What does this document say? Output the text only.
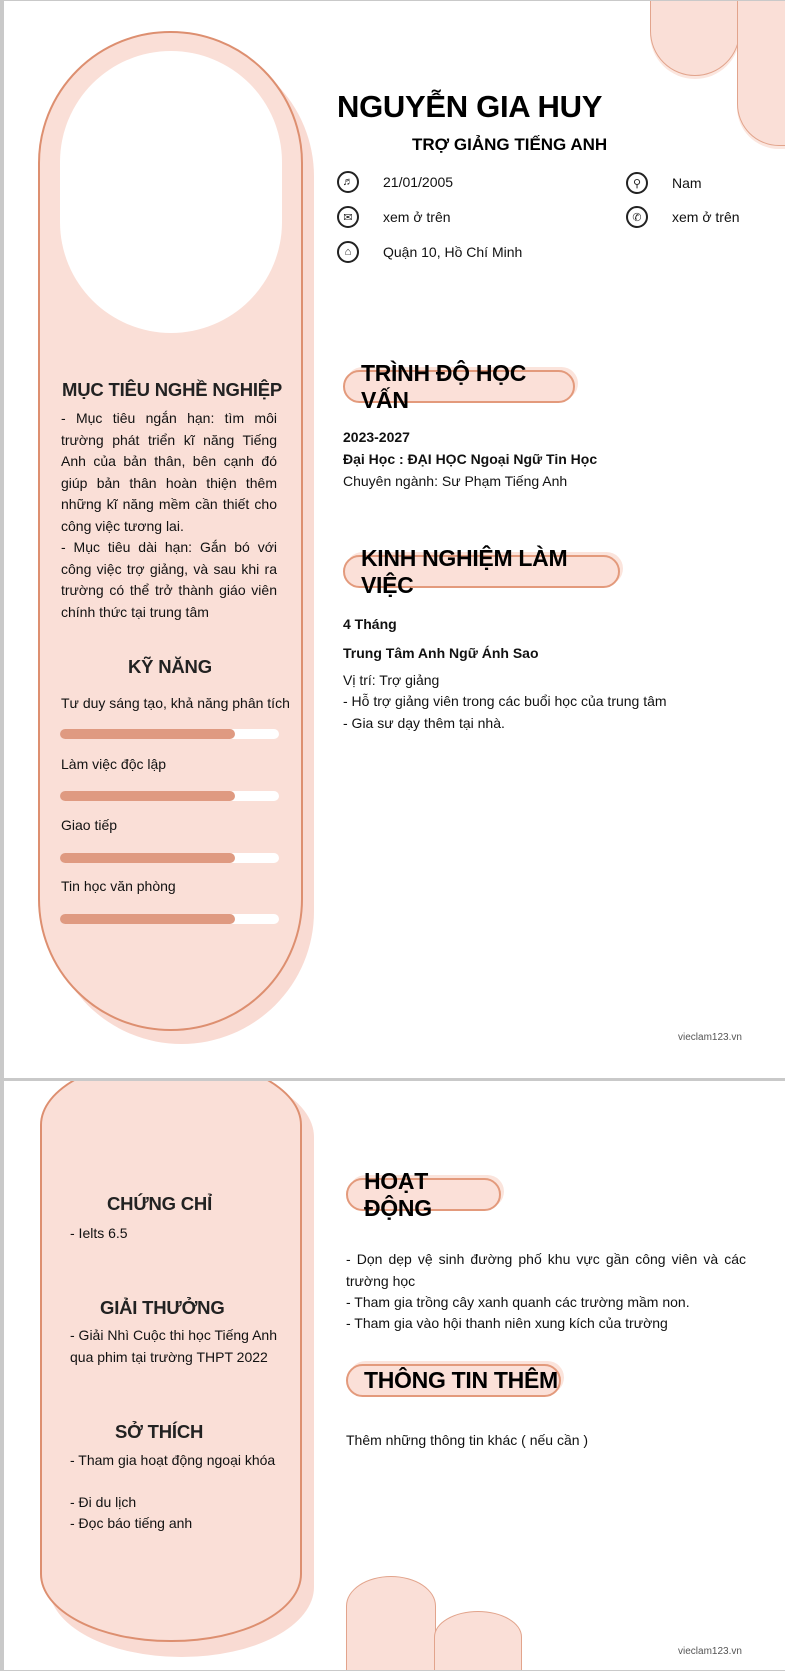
NGUYỄN GIA HUY
TRỢ GIẢNG TIẾNG ANH
♬	21/01/2005	⚲	Nam
✉	xem ở trên	✆	xem ở trên
⌂	Quận 10, Hồ Chí Minh
MỤC TIÊU NGHỀ NGHIỆP
- Mục tiêu ngắn hạn: tìm môi trường phát triển kĩ năng Tiếng Anh của bản thân, bên cạnh đó giúp bản thân hoàn thiện thêm những kĩ năng mềm cần thiết cho công việc tương lai.
- Mục tiêu dài hạn: Gắn bó với công việc trợ giảng, và sau khi ra trường có thể trở thành giáo viên chính thức tại trung tâm
KỸ NĂNG
Tư duy sáng tạo, khả năng phân tích
Làm việc độc lập
Giao tiếp
Tin học văn phòng
TRÌNH ĐỘ HỌC VẤN
2023-2027
Đại Học : ĐẠI HỌC Ngoại Ngữ Tin Học
Chuyên ngành: Sư Phạm Tiếng Anh
KINH NGHIỆM LÀM VIỆC
4 Tháng
Trung Tâm Anh Ngữ Ánh Sao
Vị trí: Trợ giảng
- Hỗ trợ giảng viên trong các buổi học của trung tâm
- Gia sư dạy thêm tại nhà.
vieclam123.vn
CHỨNG CHỈ
- Ielts 6.5
GIẢI THƯỞNG
- Giải Nhì Cuộc thi học Tiếng Anh qua phim tại trường THPT 2022
SỞ THÍCH
- Tham gia hoạt động ngoại khóa
- Đi du lịch
- Đọc báo tiếng anh
HOẠT ĐỘNG
- Dọn dẹp vệ sinh đường phố khu vực gần công viên và các trường học
- Tham gia trồng cây xanh quanh các trường mầm non.
- Tham gia vào hội thanh niên xung kích của trường
THÔNG TIN THÊM
Thêm những thông tin khác ( nếu cần )
vieclam123.vn
